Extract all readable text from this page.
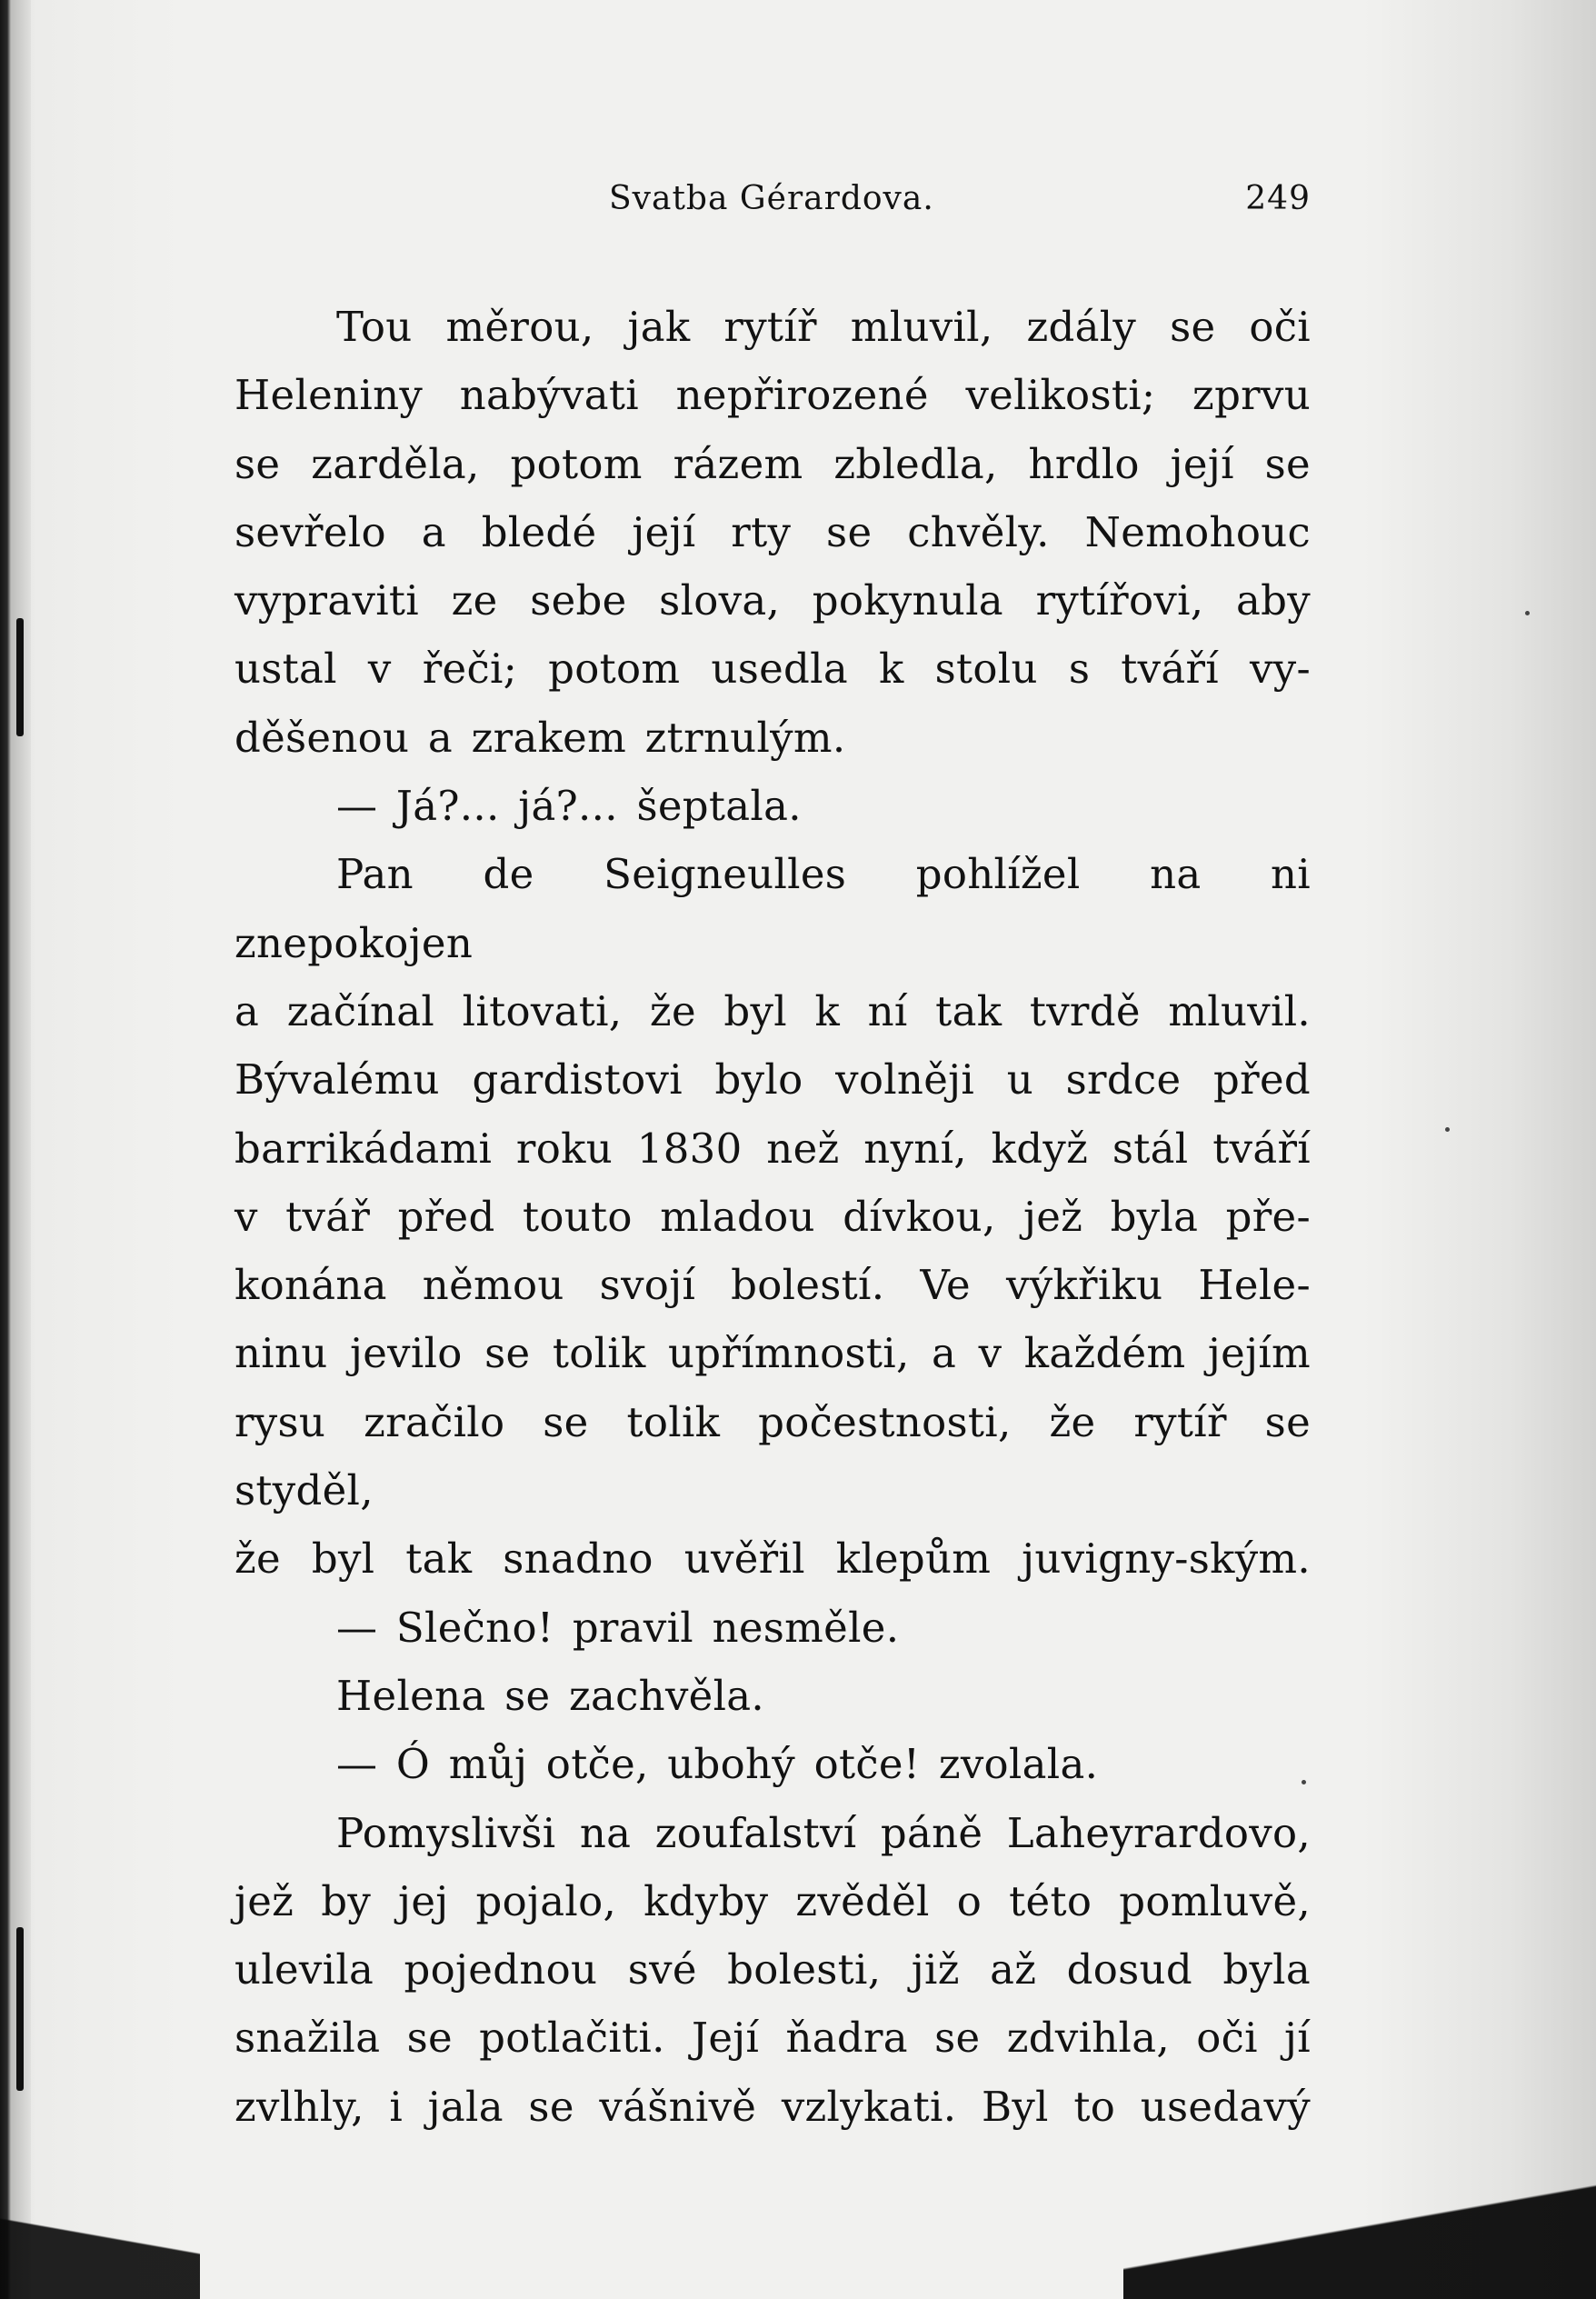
Svatba Gérardova.	249

Tou měrou, jak rytíř mluvil, zdály se oči

Heleniny nabývati nepřirozené velikosti; zprvu

se zarděla, potom rázem zbledla, hrdlo její se

sevřelo a bledé její rty se chvěly. Nemohouc

vypraviti ze sebe slova, pokynula rytířovi, aby

ustal v řeči; potom usedla k stolu s tváří vy-

děšenou a zrakem ztrnulým.

— Já?... já?... šeptala.

Pan de Seigneulles pohlížel na ni znepokojen

a začínal litovati, že byl k ní tak tvrdě mluvil.

Bývalému gardistovi bylo volněji u srdce před

barrikádami roku 1830 než nyní, když stál tváří

v tvář před touto mladou dívkou, jež byla pře-

konána němou svojí bolestí. Ve výkřiku Hele-

ninu jevilo se tolik upřímnosti, a v každém jejím

rysu zračilo se tolik počestnosti, že rytíř se styděl,

že byl tak snadno uvěřil klepům juvigny-ským.

— Slečno! pravil nesměle.

Helena se zachvěla.

— Ó můj otče, ubohý otče! zvolala.

Pomyslivši na zoufalství páně Laheyrardovo,

jež by jej pojalo, kdyby zvěděl o této pomluvě,

ulevila pojednou své bolesti, již až dosud byla

snažila se potlačiti. Její ňadra se zdvihla, oči jí

zvlhly, i jala se vášnivě vzlykati. Byl to usedavý
